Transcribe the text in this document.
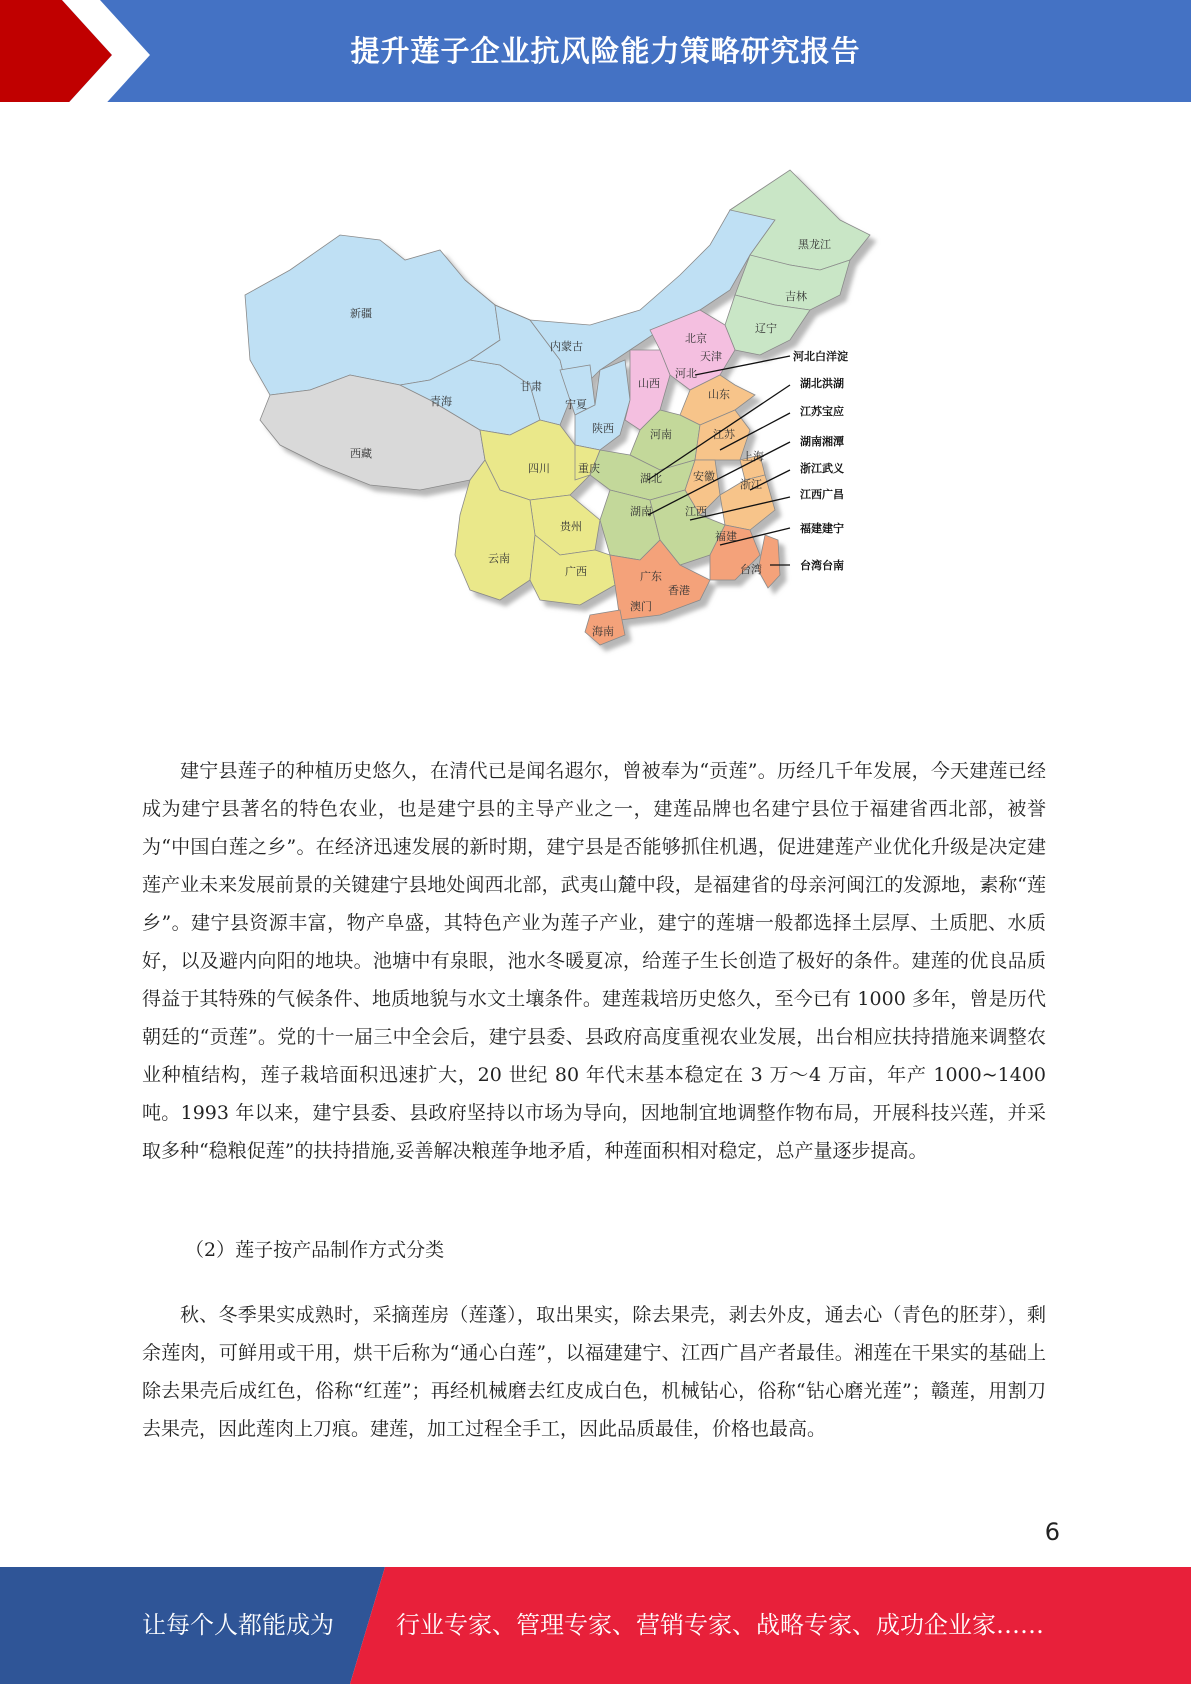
提升莲子企业抗风险能力策略研究报告
新疆
西藏
青海
甘肃
内蒙古
宁夏
陕西
黑龙江
吉林
辽宁
北京
天津
河北
山西
山东
河南
湖北
湖南	江西
江苏
安徽
上海
浙江
福建
四川	重庆
贵州
云南
广西	广东
香港
澳门
海南
台湾
河北白洋淀
湖北洪湖
江苏宝应
湖南湘潭
浙江武义
江西广昌
福建建宁
台湾台南
建宁县莲子的种植历史悠久，在清代已是闻名遐尔，曾被奉为“贡莲”。历经几千年发展，今天建莲已经成为建宁县著名的特色农业，也是建宁县的主导产业之一，建莲品牌也名建宁县位于福建省西北部，被誉为“中国白莲之乡”。在经济迅速发展的新时期，建宁县是否能够抓住机遇，促进建莲产业优化升级是决定建莲产业未来发展前景的关键建宁县地处闽西北部，武夷山麓中段，是福建省的母亲河闽江的发源地，素称“莲乡”。建宁县资源丰富，物产阜盛，其特色产业为莲子产业，建宁的莲塘一般都选择土层厚、土质肥、水质好，以及避内向阳的地块。池塘中有泉眼，池水冬暖夏凉，给莲子生长创造了极好的条件。建莲的优良品质得益于其特殊的气候条件、地质地貌与水文土壤条件。建莲栽培历史悠久，至今已有 1000 多年，曾是历代朝廷的“贡莲”。党的十一届三中全会后，建宁县委、县政府高度重视农业发展，出台相应扶持措施来调整农业种植结构，莲子栽培面积迅速扩大，20 世纪 80 年代末基本稳定在 3 万～4 万亩，年产 1000~1400 吨。1993 年以来，建宁县委、县政府坚持以市场为导向，因地制宜地调整作物布局，开展科技兴莲，并采取多种“稳粮促莲”的扶持措施,妥善解决粮莲争地矛盾，种莲面积相对稳定，总产量逐步提高。
（2）莲子按产品制作方式分类
秋、冬季果实成熟时，采摘莲房（莲蓬），取出果实，除去果壳，剥去外皮，通去心（青色的胚芽），剩余莲肉，可鲜用或干用，烘干后称为“通心白莲”，以福建建宁、江西广昌产者最佳。湘莲在干果实的基础上除去果壳后成红色，俗称“红莲”；再经机械磨去红皮成白色，机械钻心，俗称“钻心磨光莲”；赣莲，用割刀去果壳，因此莲肉上刀痕。建莲，加工过程全手工，因此品质最佳，价格也最高。
6
让每个人都能成为	行业专家、管理专家、营销专家、战略专家、成功企业家……
